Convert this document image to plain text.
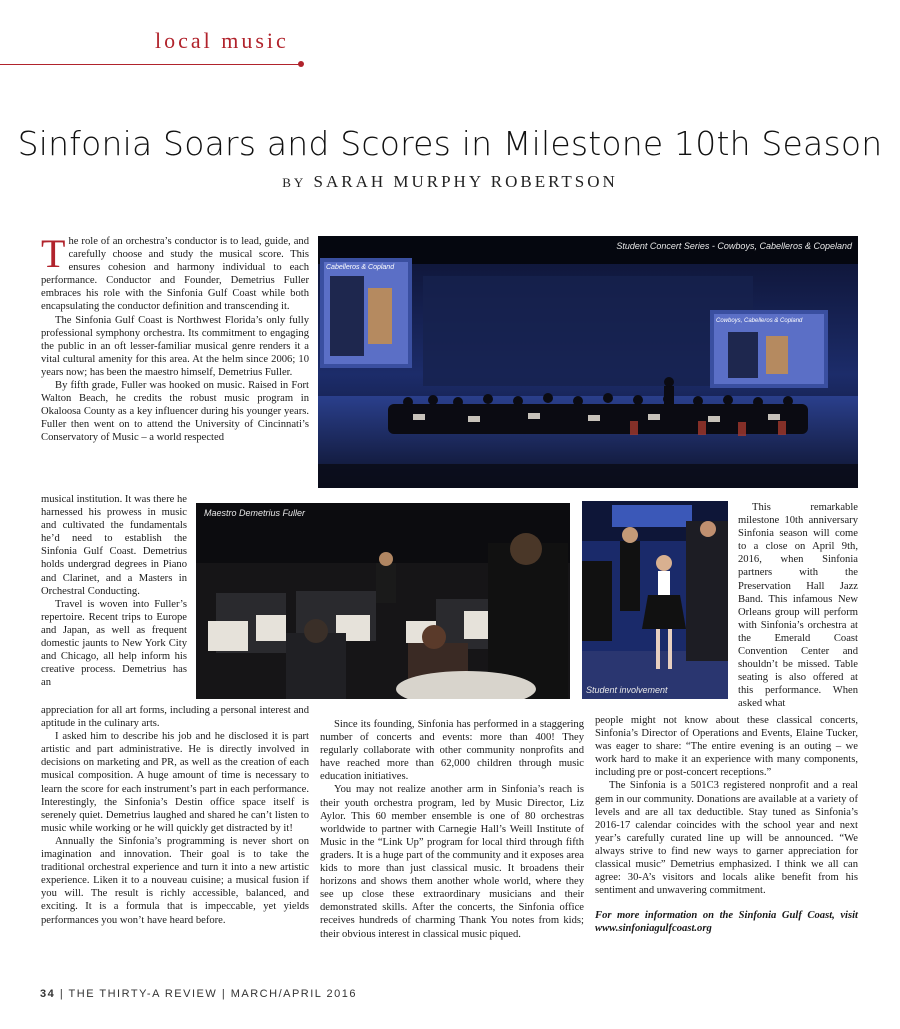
local music
Sinfonia Soars and Scores in Milestone 10th Season
BY SARAH MURPHY ROBERTSON
Student Concert Series - Cowboys, Cabelleros & Copeland
Cabelleros & Copland
Cowboys, Cabelleros & Copland
Maestro Demetrius Fuller
Student involvement

The role of an orchestra’s conductor is to lead, guide, and carefully choose and study the musical score. This ensures cohesion and harmony individual to each performance. Conductor and Founder, Demetrius Fuller embraces his role with the Sinfonia Gulf Coast while both encapsulating the conductor definition and transcending it.

The Sinfonia Gulf Coast is Northwest Florida’s only fully professional symphony orchestra. Its commitment to engaging the public in an oft lesser-familiar musical genre renders it a vital cultural amenity for this area. At the helm since 2006; 10 years now; has been the maestro himself, Demetrius Fuller.

By fifth grade, Fuller was hooked on music. Raised in Fort Walton Beach, he credits the robust music program in Okaloosa County as a key influencer during his younger years. Fuller then went on to attend the University of Cincinnati’s Conservatory of Music – a world respected

musical institution. It was there he harnessed his prowess in music and cultivated the fundamentals he’d need to establish the Sinfonia Gulf Coast. Demetrius holds undergrad degrees in Piano and Clarinet, and a Masters in Orchestral Conducting.

Travel is woven into Fuller’s repertoire. Recent trips to Europe and Japan, as well as frequent domestic jaunts to New York City and Chicago, all help inform his creative process. Demetrius has an

appreciation for all art forms, including a personal interest and aptitude in the culinary arts.

I asked him to describe his job and he disclosed it is part artistic and part administrative. He is directly involved in decisions on marketing and PR, as well as the creation of each musical composition. A huge amount of time is necessary to learn the score for each instrument’s part in each performance. Interestingly, the Sinfonia’s Destin office space itself is serenely quiet. Demetrius laughed and shared he can’t listen to music while working or he will quickly get distracted by it!

Annually the Sinfonia’s programming is never short on imagination and innovation. Their goal is to take the traditional orchestral experience and turn it into a new artistic experience. Liken it to a nouveau cuisine; a musical fusion if you will. The result is richly accessible, balanced, and exciting. It is a formula that is impeccable, yet yields performances you won’t have heard before.

Since its founding, Sinfonia has performed in a staggering number of concerts and events: more than 400! They regularly collaborate with other community nonprofits and have reached more than 62,000 children through music education initiatives.

You may not realize another arm in Sinfonia’s reach is their youth orchestra program, led by Music Director, Liz Aylor. This 60 member ensemble is one of 80 orchestras worldwide to partner with Carnegie Hall’s Weill Institute of Music in the “Link Up” program for local third through fifth graders. It is a huge part of the community and it exposes area kids to more than just classical music. It broadens their horizons and shows them another whole world, where they see up close these extraordinary musicians and their demonstrated skills. After the concerts, the Sinfonia office receives hundreds of charming Thank You notes from kids; their obvious interest in classical music piqued.

This remarkable milestone 10th anniversary Sinfonia season will come to a close on April 9th, 2016, when Sinfonia partners with the Preservation Hall Jazz Band. This infamous New Orleans group will perform with Sinfonia’s orchestra at the Emerald Coast Convention Center and shouldn’t be missed. Table seating is also offered at this performance. When asked what

people might not know about these classical concerts, Sinfonia’s Director of Operations and Events, Elaine Tucker, was eager to share: “The entire evening is an outing – we work hard to make it an experience with many components, including pre or post-concert receptions.”

The Sinfonia is a 501C3 registered nonprofit and a real gem in our community. Donations are available at a variety of levels and are all tax deductible. Stay tuned as Sinfonia’s 2016-17 calendar coincides with the school year and next year’s carefully curated line up will be announced. “We always strive to find new ways to garner appreciation for classical music” Demetrius emphasized. I think we all can agree: 30-A’s visitors and locals alike benefit from his sentiment and unwavering commitment.

For more information on the Sinfonia Gulf Coast, visit www.sinfoniagulfcoast.org

34 | THE THIRTY-A REVIEW | MARCH/APRIL 2016
